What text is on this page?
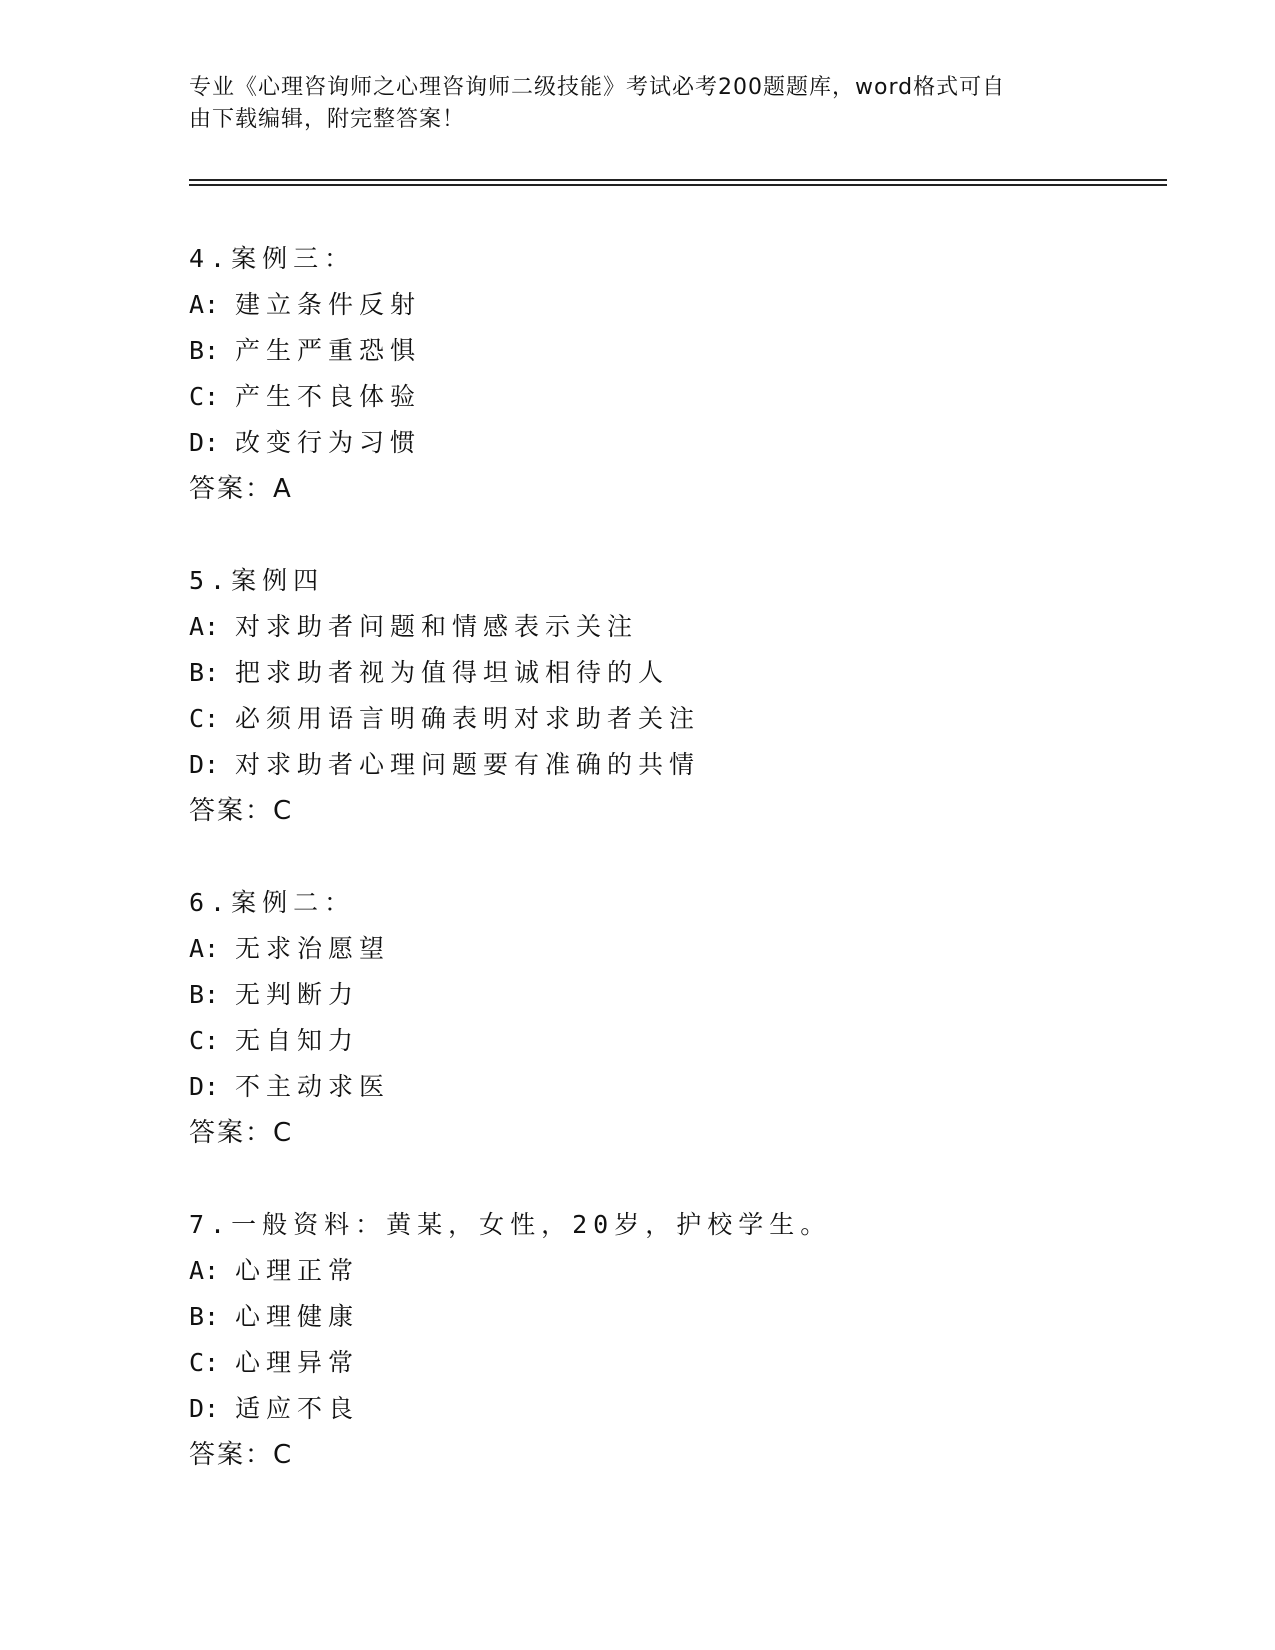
专业《心理咨询师之心理咨询师二级技能》考试必考200题题库，word格式可自
由下载编辑，附完整答案！
4.案例三：
A: 建立条件反射
B: 产生严重恐惧
C: 产生不良体验
D: 改变行为习惯
答案：A
5.案例四
A: 对求助者问题和情感表示关注
B: 把求助者视为值得坦诚相待的人
C: 必须用语言明确表明对求助者关注
D: 对求助者心理问题要有准确的共情
答案：C
6.案例二：
A: 无求治愿望
B: 无判断力
C: 无自知力
D: 不主动求医
答案：C
7.一般资料：黄某，女性，20岁，护校学生。
A: 心理正常
B: 心理健康
C: 心理异常
D: 适应不良
答案：C
